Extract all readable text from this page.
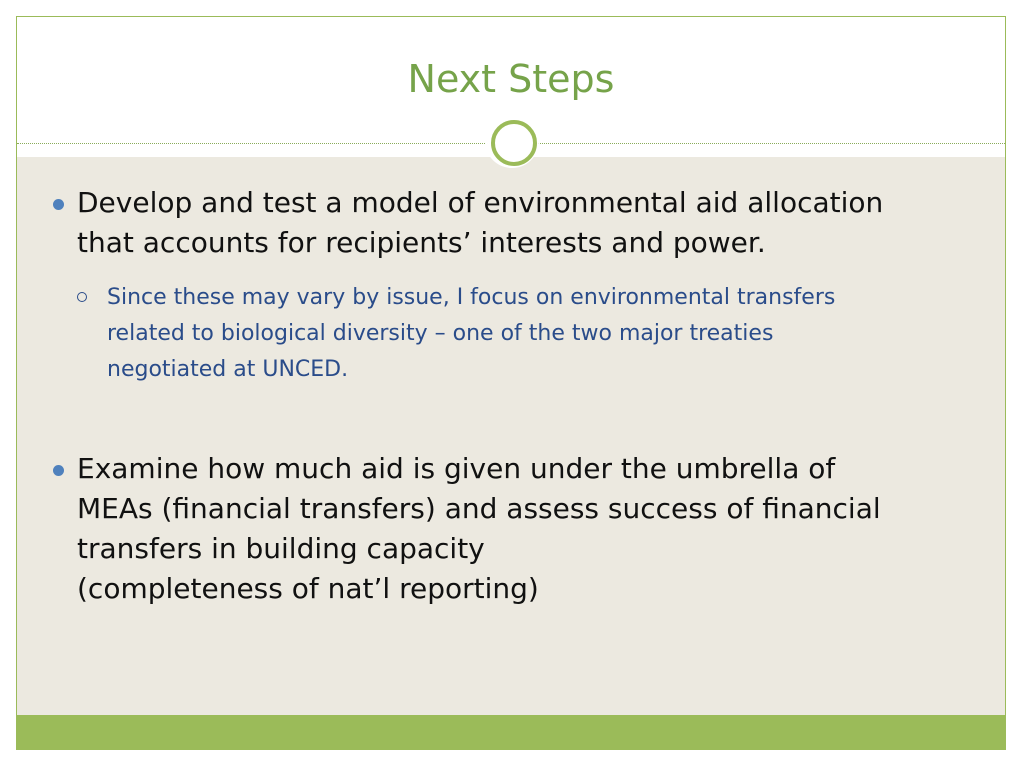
Next Steps
Develop and test a model of environmental aid allocation
that accounts for recipients’ interests and power.
Since these may vary by issue, I focus on environmental transfers
related to biological diversity – one of the two major treaties
negotiated at UNCED.
Examine how much aid is given under the umbrella of
MEAs (financial transfers) and assess success of financial
transfers in building capacity
(completeness of nat’l reporting)
